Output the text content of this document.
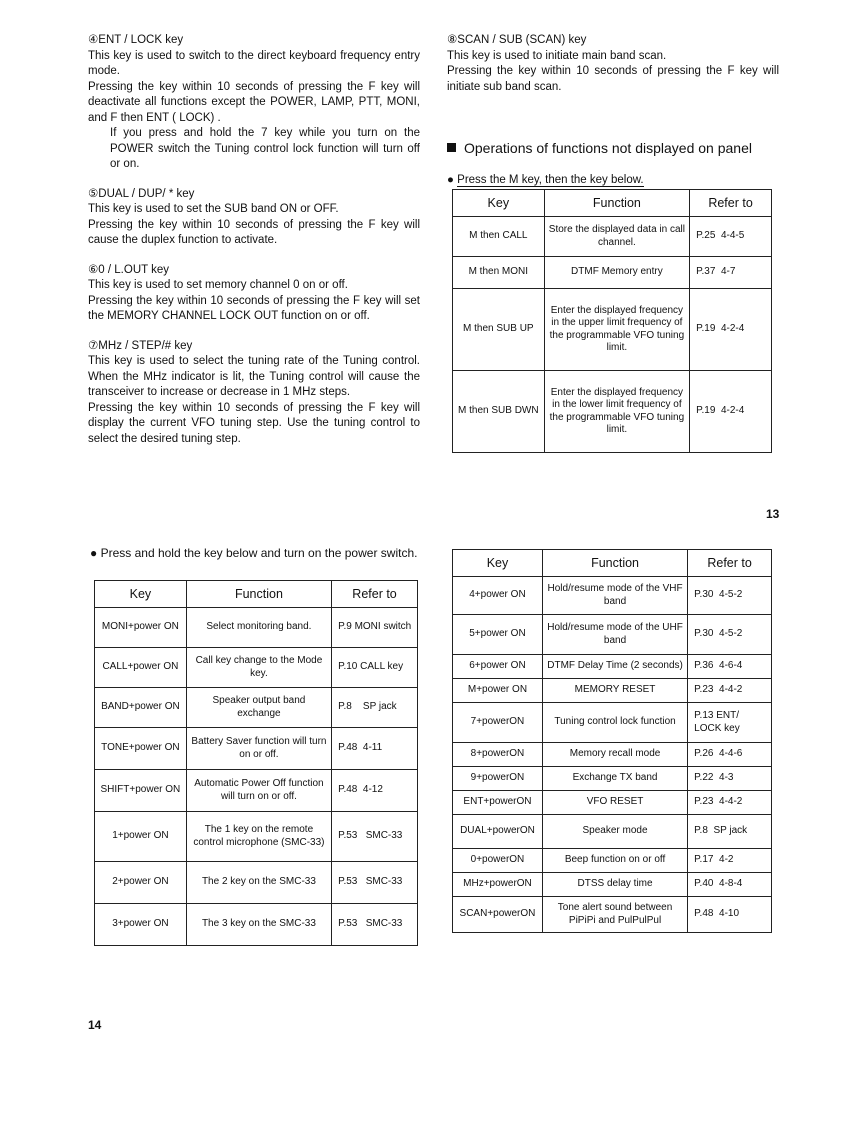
④ENT / LOCK key

This key is used to switch to the direct keyboard frequency entry mode.

Pressing the key within 10 seconds of pressing the F key will deactivate all functions except the POWER, LAMP, PTT, MONI, and F then ENT ( LOCK) .

If you press and hold the 7 key while you turn on the POWER switch the Tuning control lock function will turn off or on.

⑤DUAL / DUP/ * key

This key is used to set the SUB band ON or OFF.

Pressing the key within 10 seconds of pressing the F key will cause the duplex function to activate.

⑥0 / L.OUT key

This key is used to set memory channel 0 on or off.

Pressing the key within 10 seconds of pressing the F key will set the MEMORY CHANNEL LOCK OUT function on or off.

⑦MHz / STEP/# key

This key is used to select the tuning rate of the Tuning control. When the MHz indicator is lit, the Tuning control will cause the transceiver to increase or decrease in 1 MHz steps.

Pressing the key within 10 seconds of pressing the F key will display the current VFO tuning step. Use the tuning control to select the desired tuning step.

⑧SCAN / SUB (SCAN) key

This key is used to initiate main band scan.

Pressing the key within 10 seconds of pressing the F key will initiate sub band scan.

Operations of functions not displayed on panel
● Press the M key, then the key below.
Key	Function	Refer to
M then CALL	Store the displayed data in call channel.	P.25  4-4-5
M then MONI	DTMF Memory entry	P.37  4-7
M then SUB UP	Enter the displayed frequency in the upper limit frequency of the programmable VFO tuning limit.	P.19  4-2-4
M then SUB DWN	Enter the displayed frequency in the lower limit frequency of the programmable VFO tuning limit.	P.19  4-2-4
13
● Press and hold the key below and turn on the power switch.
Key	Function	Refer to
MONI+power ON	Select monitoring band.	P.9 MONI switch
CALL+power ON	Call key change to the Mode key.	P.10 CALL key
BAND+power ON	Speaker output band exchange	P.8    SP jack
TONE+power ON	Battery Saver function will turn on or off.	P.48  4-11
SHIFT+power ON	Automatic Power Off function will turn on or off.	P.48  4-12
1+power ON	The 1 key on the remote control microphone (SMC-33)	P.53   SMC-33
2+power ON	The 2 key on the SMC-33	P.53   SMC-33
3+power ON	The 3 key on the SMC-33	P.53   SMC-33
Key	Function	Refer to
4+power ON	Hold/resume mode of the VHF band	P.30  4-5-2
5+power ON	Hold/resume mode of the UHF band	P.30  4-5-2
6+power ON	DTMF Delay Time (2 seconds)	P.36  4-6-4
M+power ON	MEMORY RESET	P.23  4-4-2
7+powerON	Tuning control lock function	P.13 ENT/ LOCK key
8+powerON	Memory recall mode	P.26  4-4-6
9+powerON	Exchange TX band	P.22  4-3
ENT+powerON	VFO RESET	P.23  4-4-2
DUAL+powerON	Speaker mode	P.8  SP jack
0+powerON	Beep function on or off	P.17  4-2
MHz+powerON	DTSS delay time	P.40  4-8-4
SCAN+powerON	Tone alert sound between PiPiPi and PulPulPul	P.48  4-10
14
